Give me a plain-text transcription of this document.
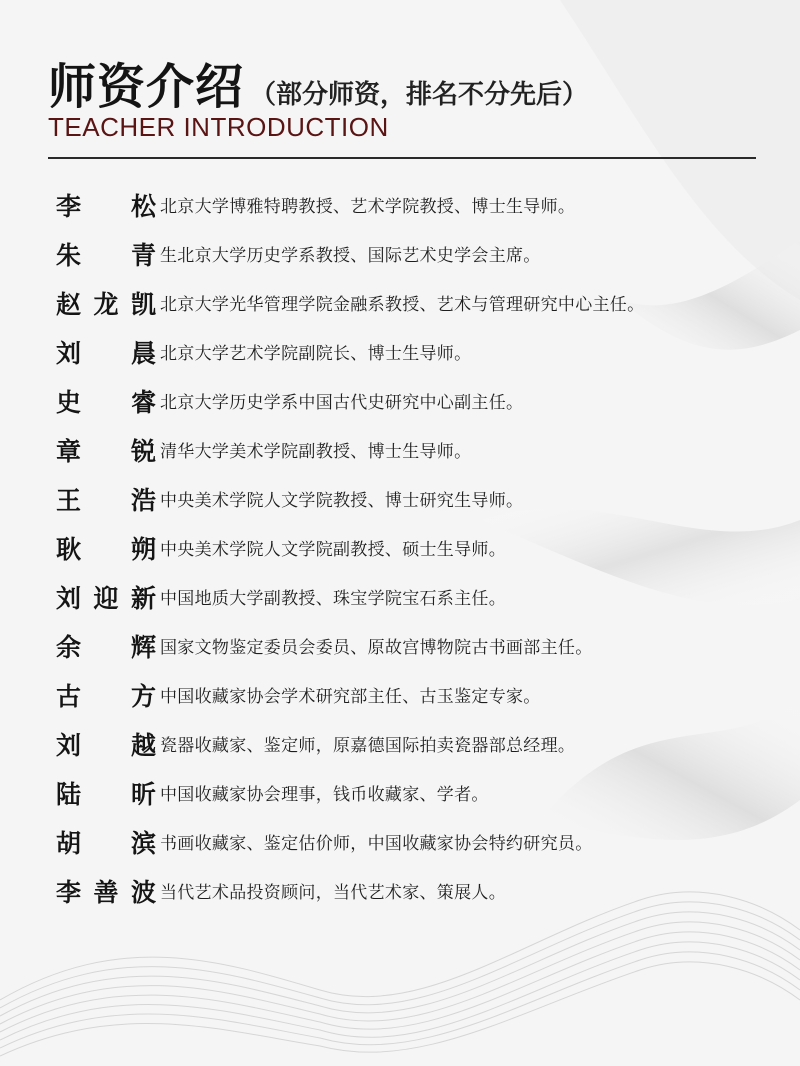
师资介绍 （部分师资，排名不分先后）
TEACHER INTRODUCTION
李松 北京大学博雅特聘教授、艺术学院教授、博士生导师。
朱青 生北京大学历史学系教授、国际艺术史学会主席。
赵龙凯 北京大学光华管理学院金融系教授、艺术与管理研究中心主任。
刘晨 北京大学艺术学院副院长、博士生导师。
史睿 北京大学历史学系中国古代史研究中心副主任。
章锐 清华大学美术学院副教授、博士生导师。
王浩 中央美术学院人文学院教授、博士研究生导师。
耿朔 中央美术学院人文学院副教授、硕士生导师。
刘迎新 中国地质大学副教授、珠宝学院宝石系主任。
余辉 国家文物鉴定委员会委员、原故宫博物院古书画部主任。
古方 中国收藏家协会学术研究部主任、古玉鉴定专家。
刘越 瓷器收藏家、鉴定师，原嘉德国际拍卖瓷器部总经理。
陆昕 中国收藏家协会理事，钱币收藏家、学者。
胡滨 书画收藏家、鉴定估价师，中国收藏家协会特约研究员。
李善波 当代艺术品投资顾问，当代艺术家、策展人。
